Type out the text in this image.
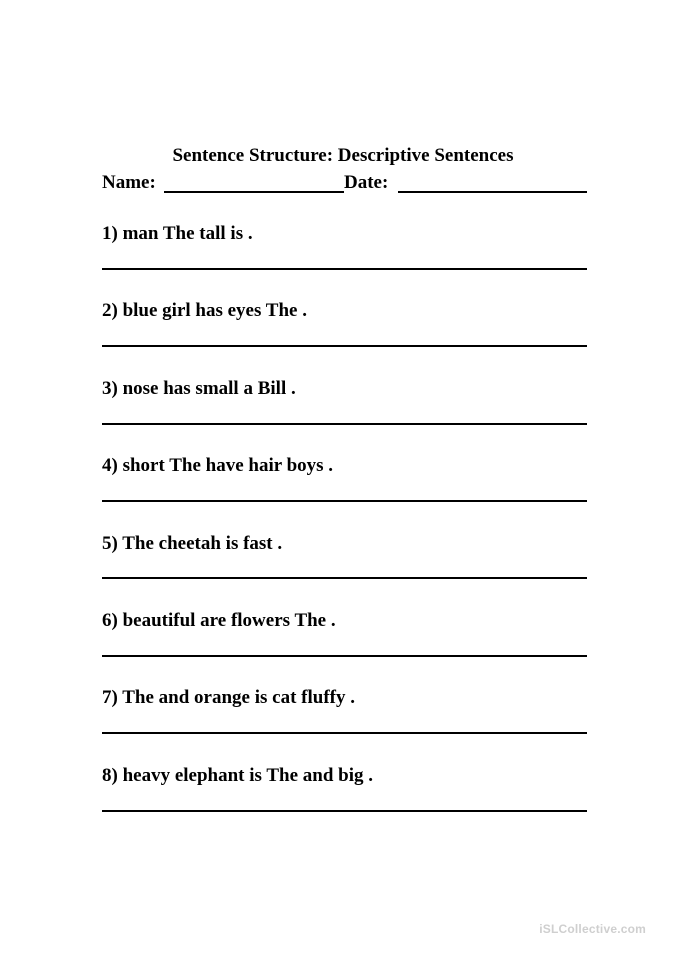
Sentence Structure: Descriptive Sentences
Name:	Date:
1) man The tall is .
2) blue girl has eyes The .
3) nose has small a Bill .
4) short The have hair boys .
5) The cheetah is fast .
6) beautiful are flowers The .
7) The and orange is cat fluffy .
8) heavy elephant is The and big .
iSLCollective.com
